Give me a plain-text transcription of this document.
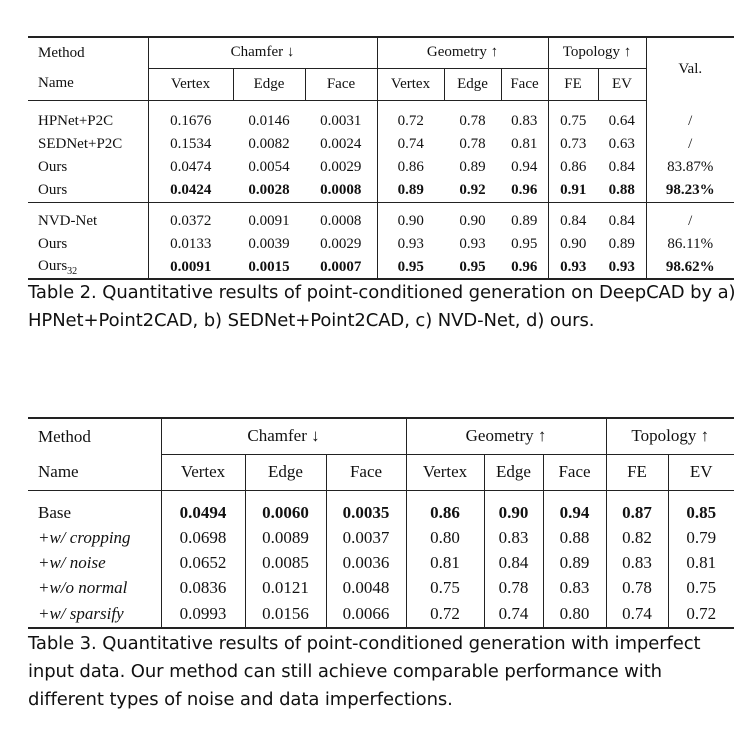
Method	Chamfer ↓			Geometry ↑			Topology ↑		Val.
Name	Vertex	Edge	Face	Vertex	Edge	Face	FE	EV	

HPNet+P2C	0.1676	0.0146	0.0031	0.72	0.78	0.83	0.75	0.64	/
SEDNet+P2C	0.1534	0.0082	0.0024	0.74	0.78	0.81	0.73	0.63	/
Ours	0.0474	0.0054	0.0029	0.86	0.89	0.94	0.86	0.84	83.87%
Ours	0.0424	0.0028	0.0008	0.89	0.92	0.96	0.91	0.88	98.23%

NVD-Net	0.0372	0.0091	0.0008	0.90	0.90	0.89	0.84	0.84	/
Ours	0.0133	0.0039	0.0029	0.93	0.93	0.95	0.90	0.89	86.11%
Ours$_{32}$	0.0091	0.0015	0.0007	0.95	0.95	0.96	0.93	0.93	98.62%
Table 2. Quantitative results of point-conditioned generation on DeepCAD by a) HPNet+Point2CAD, b) SEDNet+Point2CAD, c) NVD-Net, d) ours.
Method	Chamfer ↓			Geometry ↑			Topology ↑	
Name	Vertex	Edge	Face	Vertex	Edge	Face	FE	EV

Base	0.0494	0.0060	0.0035	0.86	0.90	0.94	0.87	0.85
+w/ cropping	0.0698	0.0089	0.0037	0.80	0.83	0.88	0.82	0.79
+w/ noise	0.0652	0.0085	0.0036	0.81	0.84	0.89	0.83	0.81
+w/o normal	0.0836	0.0121	0.0048	0.75	0.78	0.83	0.78	0.75
+w/ sparsify	0.0993	0.0156	0.0066	0.72	0.74	0.80	0.74	0.72
Table 3. Quantitative results of point-conditioned generation with imperfect input data. Our method can still achieve comparable performance with different types of noise and data imperfections.
